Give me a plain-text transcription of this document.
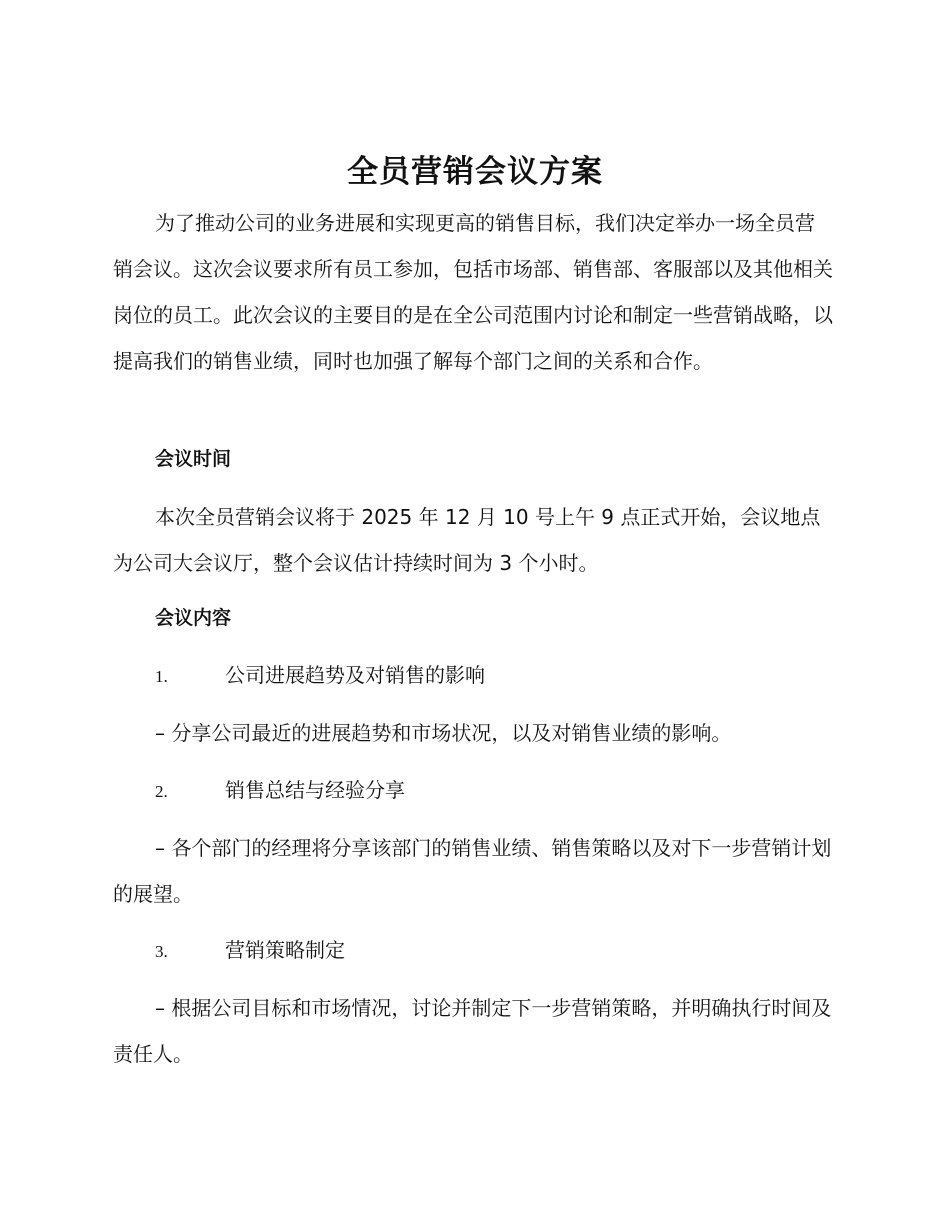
全员营销会议方案
为了推动公司的业务进展和实现更高的销售目标，我们决定举办一场全员营销会议。这次会议要求所有员工参加，包括市场部、销售部、客服部以及其他相关岗位的员工。此次会议的主要目的是在全公司范围内讨论和制定一些营销战略，以提高我们的销售业绩，同时也加强了解每个部门之间的关系和合作。
会议时间
本次全员营销会议将于 2025 年 12 月 10 号上午 9 点正式开始，会议地点为公司大会议厅，整个会议估计持续时间为 3 个小时。
会议内容
1.	公司进展趋势及对销售的影响
– 分享公司最近的进展趋势和市场状况，以及对销售业绩的影响。
2.	销售总结与经验分享
– 各个部门的经理将分享该部门的销售业绩、销售策略以及对下一步营销计划的展望。
3.	营销策略制定
– 根据公司目标和市场情况，讨论并制定下一步营销策略，并明确执行时间及责任人。
